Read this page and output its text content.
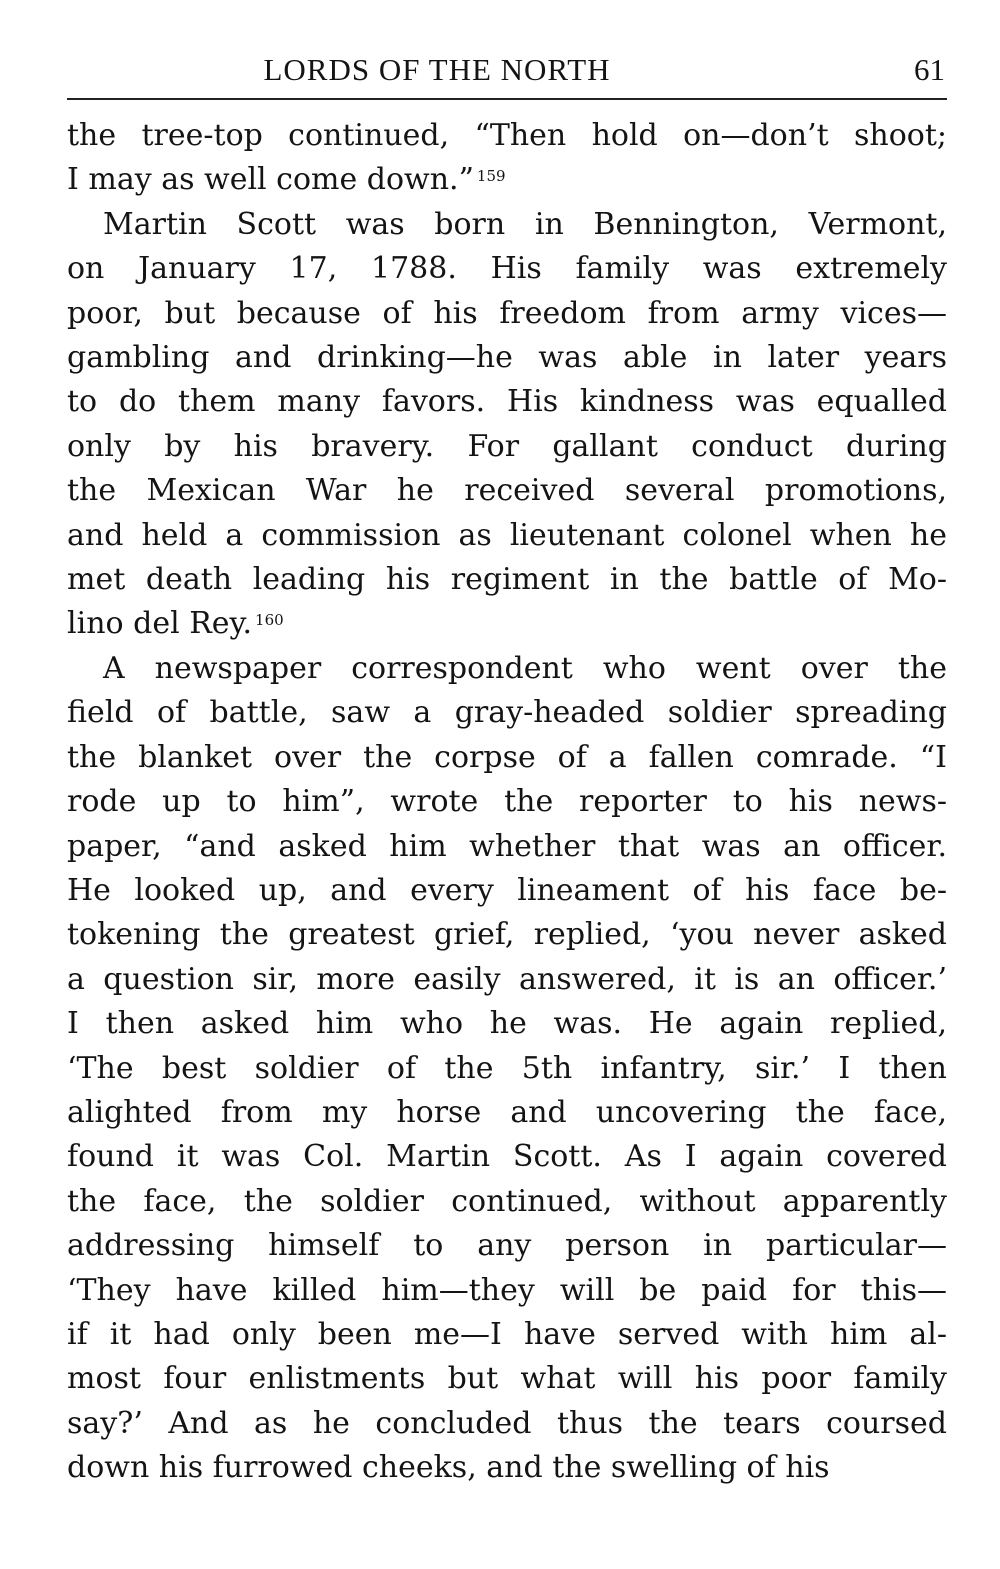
LORDS OF THE NORTH	61

the tree-top continued, “Then hold on—don’t shoot;
I may as well come down.” $^{159}$

Martin Scott was born in Bennington, Vermont,
on January 17, 1788. His family was extremely
poor, but because of his freedom from army vices—
gambling and drinking—he was able in later years
to do them many favors. His kindness was equalled
only by his bravery. For gallant conduct during
the Mexican War he received several promotions,
and held a commission as lieutenant colonel when he
met death leading his regiment in the battle of Mo-
lino del Rey. $^{160}$

A newspaper correspondent who went over the
field of battle, saw a gray-headed soldier spreading
the blanket over the corpse of a fallen comrade. “I
rode up to him”, wrote the reporter to his news-
paper, “and asked him whether that was an officer.
He looked up, and every lineament of his face be-
tokening the greatest grief, replied, ‘you never asked
a question sir, more easily answered, it is an officer.’
I then asked him who he was. He again replied,
‘The best soldier of the 5th infantry, sir.’ I then
alighted from my horse and uncovering the face,
found it was Col. Martin Scott. As I again covered
the face, the soldier continued, without apparently
addressing himself to any person in particular—
‘They have killed him—they will be paid for this—
if it had only been me—I have served with him al-
most four enlistments but what will his poor family
say?’ And as he concluded thus the tears coursed
down his furrowed cheeks, and the swelling of his
